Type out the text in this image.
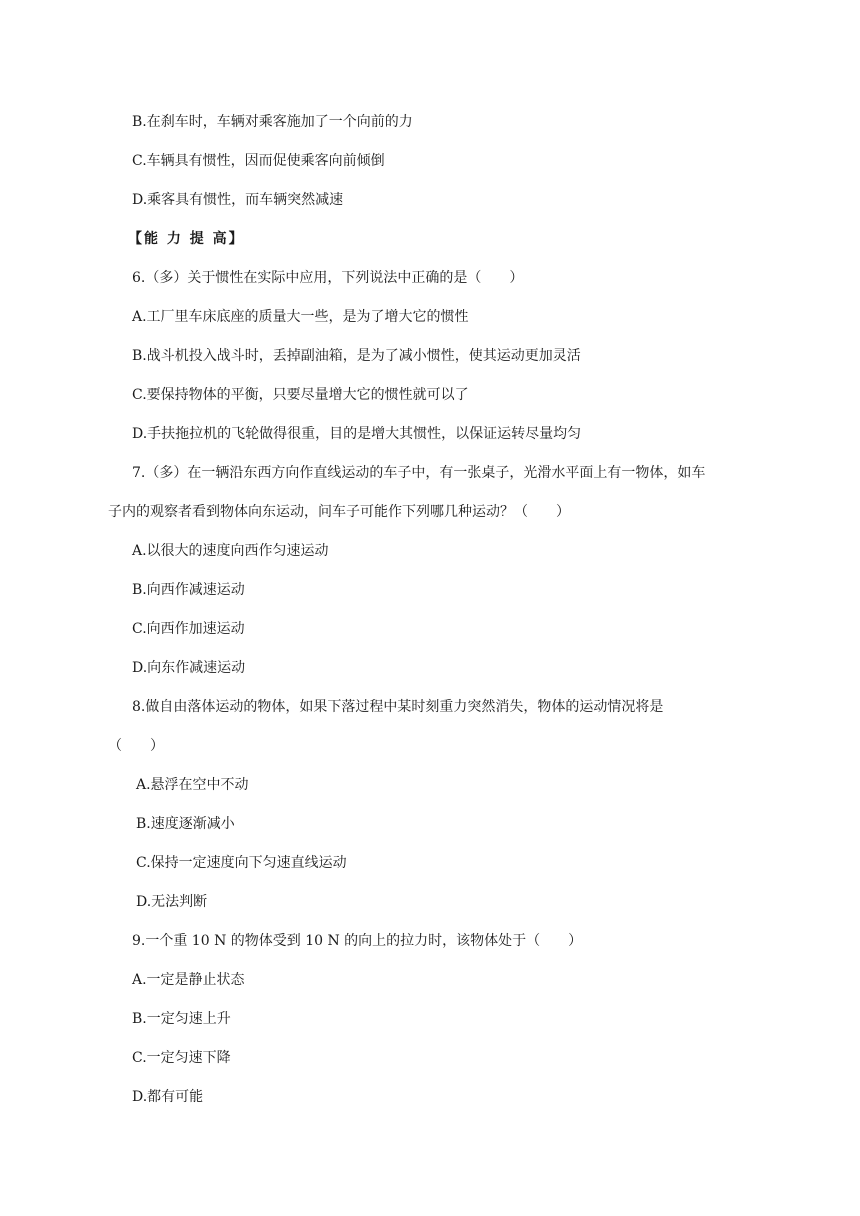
B.在刹车时，车辆对乘客施加了一个向前的力
C.车辆具有惯性，因而促使乘客向前倾倒
D.乘客具有惯性，而车辆突然减速
【能 力 提 高】
6.（多）关于惯性在实际中应用，下列说法中正确的是（　　）
A.工厂里车床底座的质量大一些，是为了增大它的惯性
B.战斗机投入战斗时，丢掉副油箱，是为了减小惯性，使其运动更加灵活
C.要保持物体的平衡，只要尽量增大它的惯性就可以了
D.手扶拖拉机的飞轮做得很重，目的是增大其惯性，以保证运转尽量均匀
7.（多）在一辆沿东西方向作直线运动的车子中，有一张桌子，光滑水平面上有一物体，如车
子内的观察者看到物体向东运动，问车子可能作下列哪几种运动？（　　）
A.以很大的速度向西作匀速运动
B.向西作减速运动
C.向西作加速运动
D.向东作减速运动
8.做自由落体运动的物体，如果下落过程中某时刻重力突然消失，物体的运动情况将是
（　　）
A.悬浮在空中不动
B.速度逐渐减小
C.保持一定速度向下匀速直线运动
D.无法判断
9.一个重 10 N 的物体受到 10 N 的向上的拉力时，该物体处于（　　）
A.一定是静止状态
B.一定匀速上升
C.一定匀速下降
D.都有可能
